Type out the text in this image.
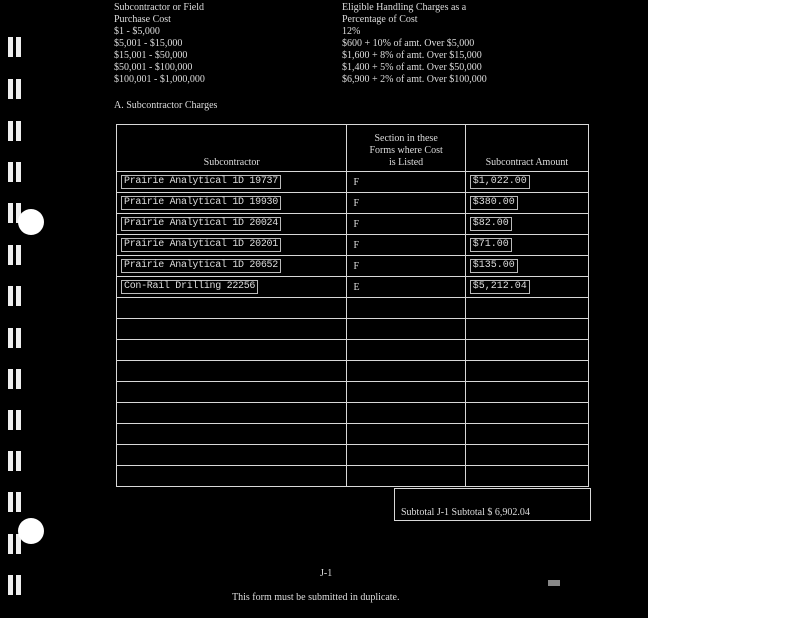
Subcontractor or Field
Purchase Cost
Eligible Handling Charges as a
Percentage of Cost
$1 - $5,000	12%
$5,001 - $15,000	$600 + 10% of amt. Over $5,000
$15,001 - $50,000	$1,600 + 8% of amt. Over $15,000
$50,001 - $100,000	$1,400 + 5% of amt. Over $50,000
$100,001 - $1,000,000	$6,900 + 2% of amt. Over $100,000
A. Subcontractor Charges
Subcontractor	Section in these Forms where Cost is Listed	Subcontract Amount
Prairie Analytical 1D 19737	F	$1,022.00
Prairie Analytical 1D 19930	F	$380.00
Prairie Analytical 1D 20024	F	$82.00
Prairie Analytical 1D 20201	F	$71.00
Prairie Analytical 1D 20652	F	$135.00
Con-Rail Drilling 22256	E	$5,212.04

Subtotal J-1 Subtotal $ 6,902.04
J-1
This form must be submitted in duplicate.
